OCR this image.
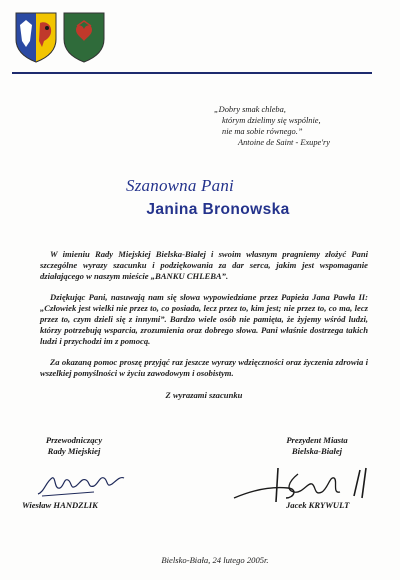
„Dobry smak chleba,
którym dzielimy się wspólnie,
nie ma sobie równego.”
Antoine de Saint - Exupe'ry
Szanowna Pani
Janina Bronowska

W imieniu Rady Miejskiej Bielska-Białej i swoim własnym pragniemy złożyć Pani szczególne wyrazy szacunku i podziękowania za dar serca, jakim jest wspomaganie działającego w naszym mieście „BANKU CHLEBA”.

Dziękując Pani, nasuwają nam się słowa wypowiedziane przez Papieża Jana Pawła II: „Człowiek jest wielki nie przez to, co posiada, lecz przez to, kim jest; nie przez to, co ma, lecz przez to, czym dzieli się z innymi”. Bardzo wiele osób nie pamięta, że żyjemy wśród ludzi, którzy potrzebują wsparcia, zrozumienia oraz dobrego słowa. Pani właśnie dostrzega takich ludzi i przychodzi im z pomocą.

Za okazaną pomoc proszę przyjąć raz jeszcze wyrazy wdzięczności oraz życzenia zdrowia i wszelkiej pomyślności w życiu zawodowym i osobistym.

Z wyrazami szacunku

Przewodniczący
Rady Miejskiej
Wiesław HANDZLIK
Prezydent Miasta
Bielska-Białej
Jacek KRYWULT
Bielsko-Biała, 24 lutego 2005r.
